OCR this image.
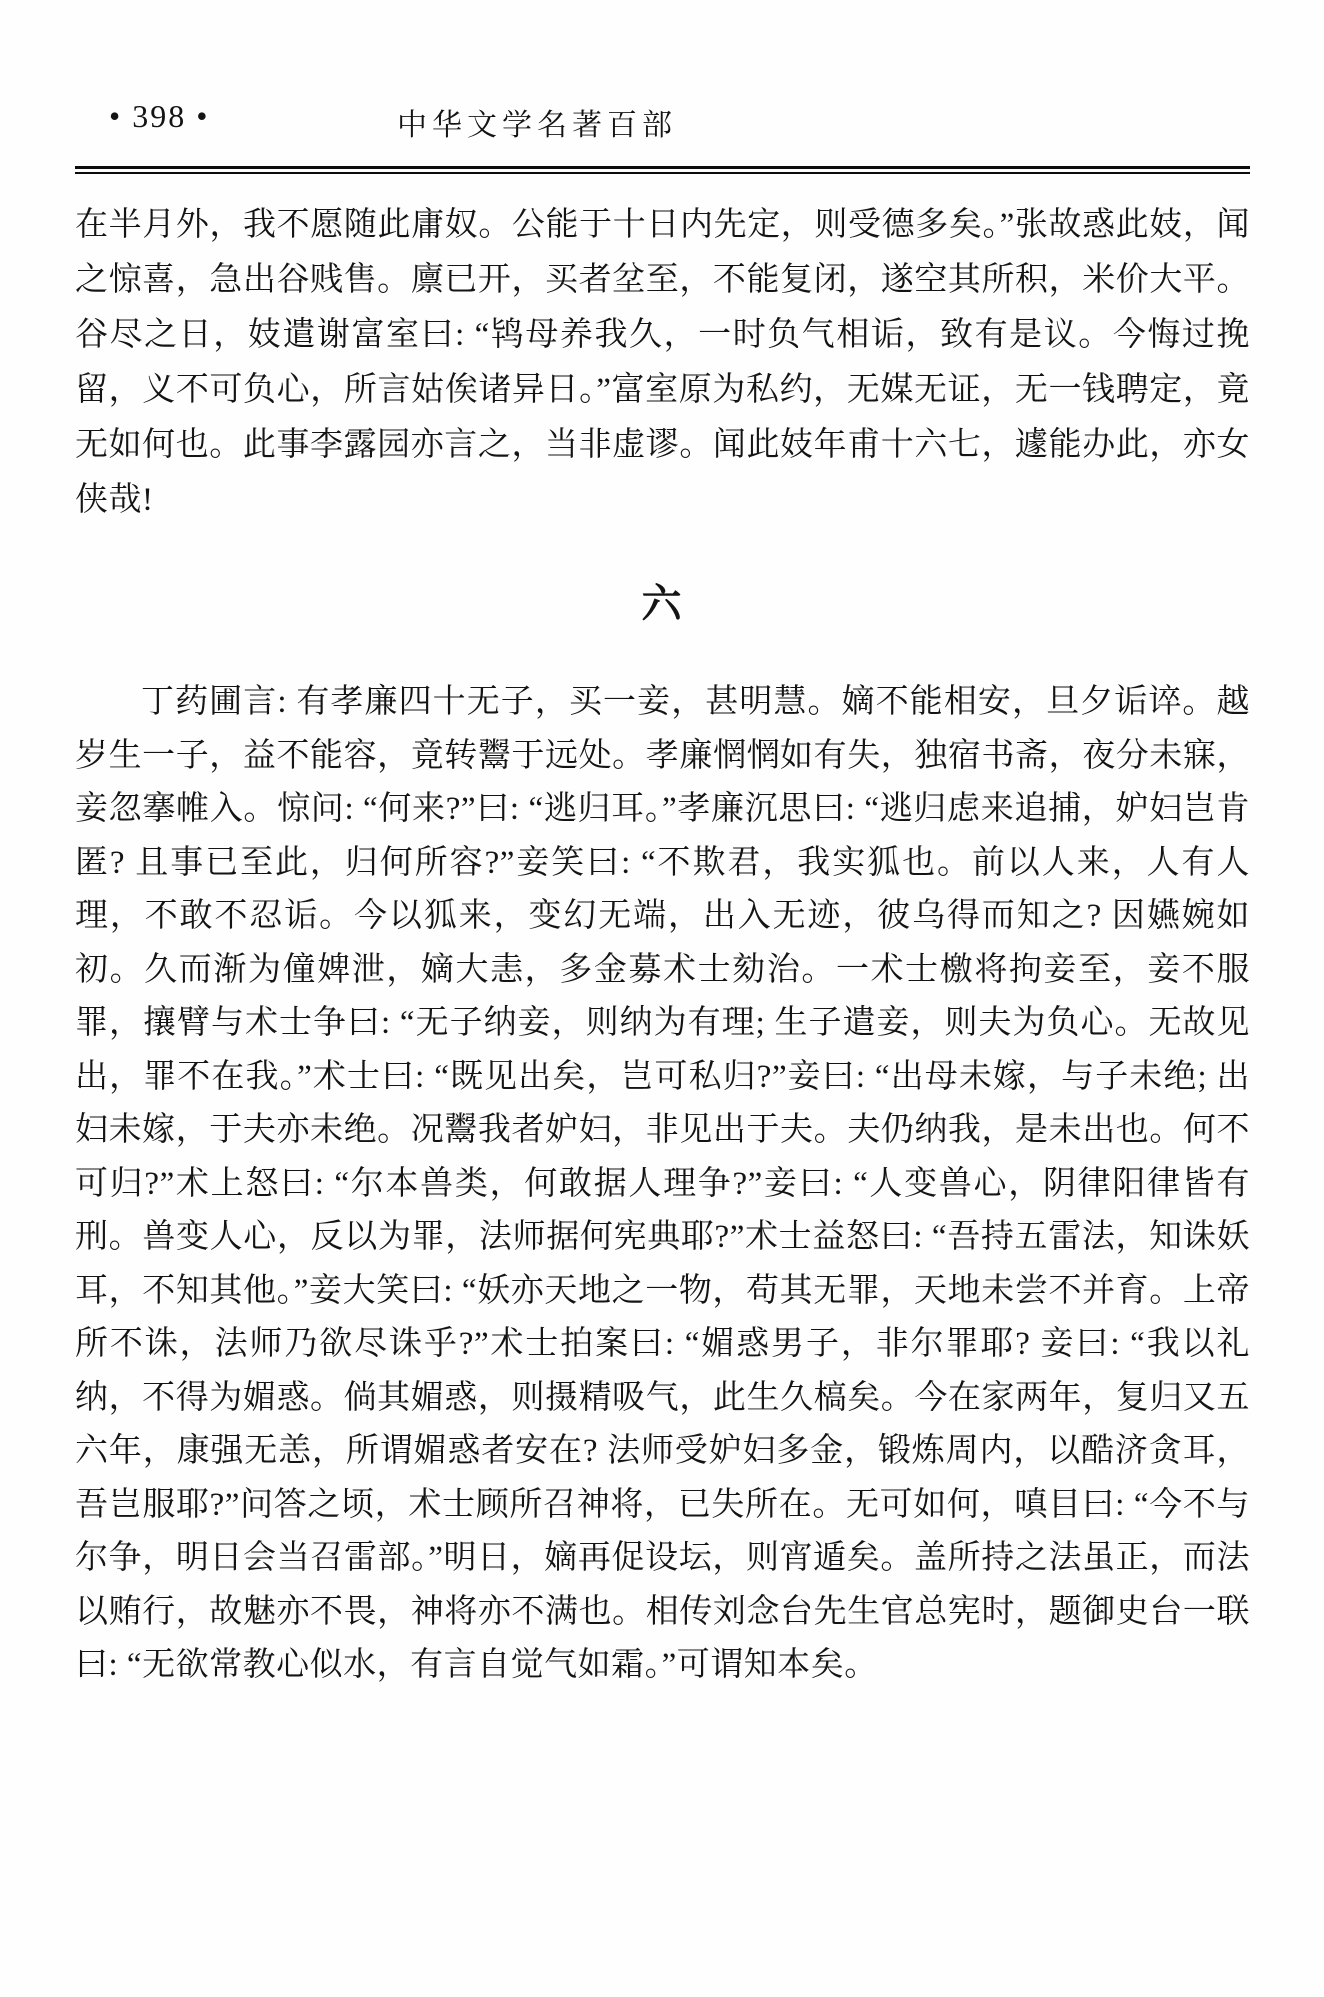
• 398 •	中华文学名著百部

在半月外，我不愿随此庸奴。公能于十日内先定，则受德多矣。”张故惑此妓，闻之惊喜，急出谷贱售。廪已开，买者坌至，不能复闭，遂空其所积，米价大平。谷尽之日，妓遣谢富室曰: “鸨母养我久，一时负气相诟，致有是议。今悔过挽留，义不可负心，所言姑俟诸异日。”富室原为私约，无媒无证，无一钱聘定，竟无如何也。此事李露园亦言之，当非虚谬。闻此妓年甫十六七，遽能办此，亦女侠哉!

六

丁药圃言: 有孝廉四十无子，买一妾，甚明慧。嫡不能相安，旦夕诟谇。越岁生一子，益不能容，竟转鬻于远处。孝廉惘惘如有失，独宿书斋，夜分未寐，妾忽搴帷入。惊问: “何来?”曰: “逃归耳。”孝廉沉思曰: “逃归虑来追捕，妒妇岂肯匿? 且事已至此，归何所容?”妾笑曰: “不欺君，我实狐也。前以人来，人有人理，不敢不忍诟。今以狐来，变幻无端，出入无迹，彼乌得而知之? 因嬿婉如初。久而渐为僮婢泄，嫡大恚，多金募术士劾治。一术士檄将拘妾至，妾不服罪，攘臂与术士争曰: “无子纳妾，则纳为有理; 生子遣妾，则夫为负心。无故见出，罪不在我。”术士曰: “既见出矣，岂可私归?”妾曰: “出母未嫁，与子未绝; 出妇未嫁，于夫亦未绝。况鬻我者妒妇，非见出于夫。夫仍纳我，是未出也。何不可归?”术上怒曰: “尔本兽类，何敢据人理争?”妾曰: “人变兽心，阴律阳律皆有刑。兽变人心，反以为罪，法师据何宪典耶?”术士益怒曰: “吾持五雷法，知诛妖耳，不知其他。”妾大笑曰: “妖亦天地之一物，苟其无罪，天地未尝不并育。上帝所不诛，法师乃欲尽诛乎?”术士拍案曰: “媚惑男子，非尔罪耶? 妾曰: “我以礼纳，不得为媚惑。倘其媚惑，则摄精吸气，此生久槁矣。今在家两年，复归又五六年，康强无恙，所谓媚惑者安在? 法师受妒妇多金，锻炼周内，以酷济贪耳，吾岂服耶?”问答之顷，术士顾所召神将，已失所在。无可如何，嗔目曰: “今不与尔争，明日会当召雷部。”明日，嫡再促设坛，则宵遁矣。盖所持之法虽正，而法以贿行，故魅亦不畏，神将亦不满也。相传刘念台先生官总宪时，题御史台一联曰: “无欲常教心似水，有言自觉气如霜。”可谓知本矣。
